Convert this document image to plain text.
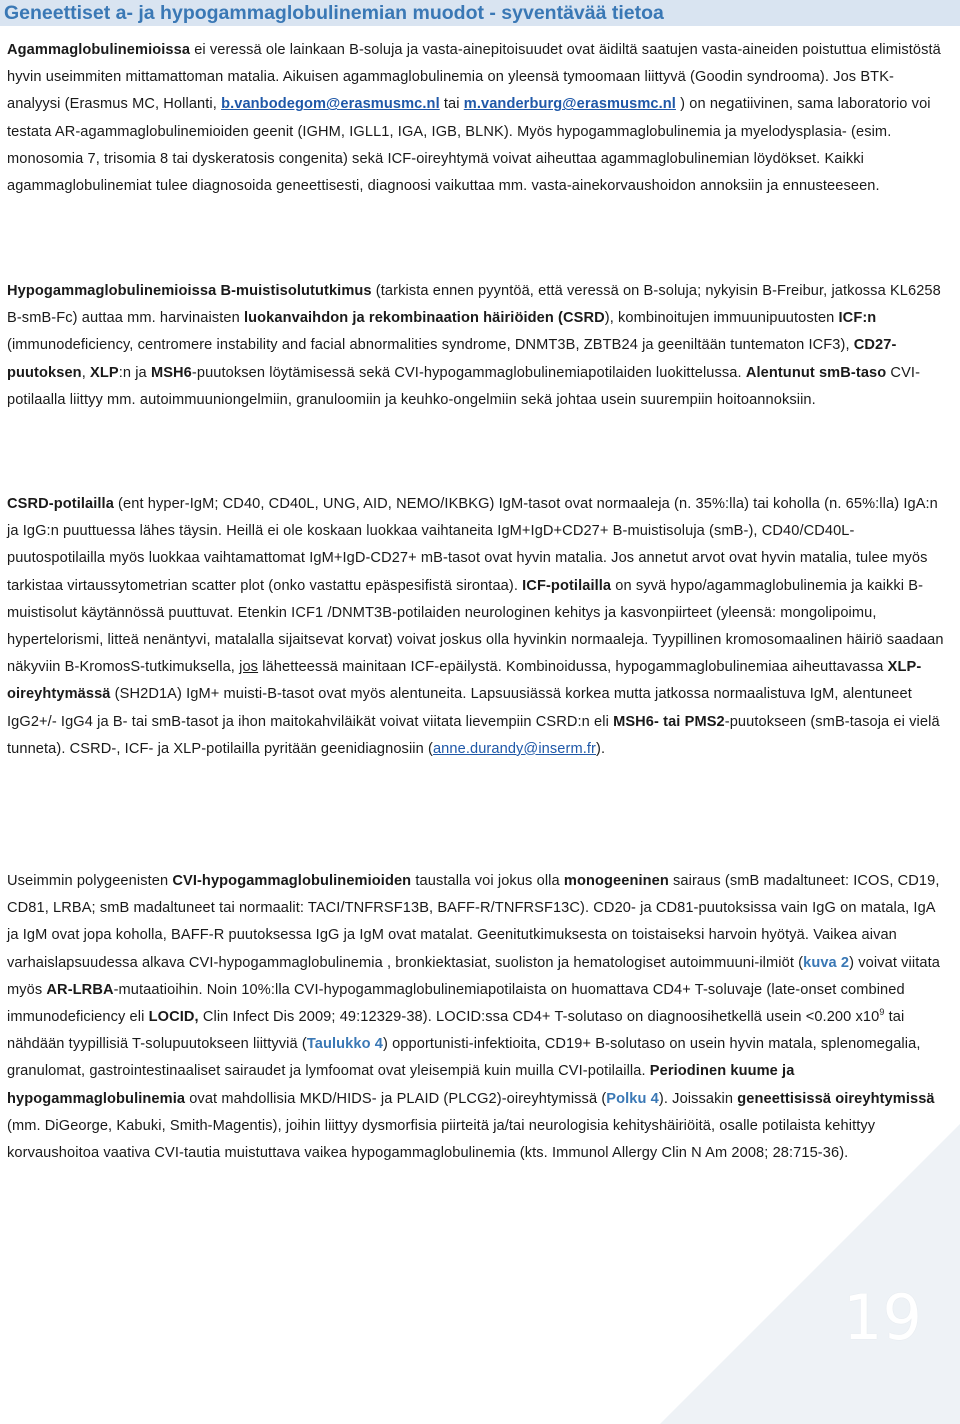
Geneettiset a- ja hypogammaglobulinemian muodot - syventävää tietoa

Agammaglobulinemioissa ei veressä ole lainkaan B-soluja ja vasta-ainepitoisuudet ovat äidiltä saatujen vasta-aineiden poistuttua elimistöstä hyvin useimmiten mittamattoman matalia. Aikuisen agammaglobulinemia on yleensä tymoomaan liittyvä (Goodin syndrooma). Jos BTK-analyysi (Erasmus MC, Hollanti, b.vanbodegom@erasmusmc.nl tai m.vanderburg@erasmusmc.nl ) on negatiivinen, sama laboratorio voi testata AR-agammaglobulinemioiden geenit (IGHM, IGLL1, IGA, IGB, BLNK). Myös hypogammaglobulinemia ja myelodysplasia- (esim. monosomia 7, trisomia 8 tai dyskeratosis congenita) sekä ICF-oireyhtymä voivat aiheuttaa agammaglobulinemian löydökset. Kaikki agammaglobulinemiat tulee diagnosoida geneettisesti, diagnoosi vaikuttaa mm. vasta-ainekorvaushoidon annoksiin ja ennusteeseen.

Hypogammaglobulinemioissa B-muistisolututkimus (tarkista ennen pyyntöä, että veressä on B-soluja; nykyisin B-Freibur, jatkossa KL6258 B-smB-Fc) auttaa mm. harvinaisten luokanvaihdon ja rekombinaation häiriöiden (CSRD), kombinoitujen immuunipuutosten ICF:n (immunodeficiency, centromere instability and facial abnormalities syndrome, DNMT3B, ZBTB24 ja geeniltään tuntematon ICF3), CD27-puutoksen, XLP:n ja MSH6-puutoksen löytämisessä sekä CVI-hypogammaglobulinemiapotilaiden luokittelussa. Alentunut smB-taso CVI-potilaalla liittyy mm. autoimmuuniongelmiin, granuloomiin ja keuhko-ongelmiin sekä johtaa usein suurempiin hoitoannoksiin.

CSRD-potilailla (ent hyper-IgM; CD40, CD40L, UNG, AID, NEMO/IKBKG) IgM-tasot ovat normaaleja (n. 35%:lla) tai koholla (n. 65%:lla) IgA:n ja IgG:n puuttuessa lähes täysin. Heillä ei ole koskaan luokkaa vaihtaneita IgM+IgD+CD27+ B-muistisoluja (smB-), CD40/CD40L-puutospotilailla myös luokkaa vaihtamattomat IgM+IgD-CD27+ mB-tasot ovat hyvin matalia. Jos annetut arvot ovat hyvin matalia, tulee myös tarkistaa virtaussytometrian scatter plot (onko vastattu epäspesifistä sirontaa). ICF-potilailla on syvä hypo/agammaglobulinemia ja kaikki B-muistisolut käytännössä puuttuvat. Etenkin ICF1 /DNMT3B-potilaiden neurologinen kehitys ja kasvonpiirteet (yleensä: mongolipoimu, hypertelorismi, litteä nenäntyvi, matalalla sijaitsevat korvat) voivat joskus olla hyvinkin normaaleja. Tyypillinen kromosomaalinen häiriö saadaan näkyviin B-KromosS-tutkimuksella, jos lähetteessä mainitaan ICF-epäilystä. Kombinoidussa, hypogammaglobulinemiaa aiheuttavassa XLP-oireyhtymässä (SH2D1A) IgM+ muisti-B-tasot ovat myös alentuneita. Lapsuusiässä korkea mutta jatkossa normaalistuva IgM, alentuneet IgG2+/- IgG4 ja B- tai smB-tasot ja ihon maitokahviläikät voivat viitata lievempiin CSRD:n eli MSH6- tai PMS2-puutokseen (smB-tasoja ei vielä tunneta). CSRD-, ICF- ja XLP-potilailla pyritään geenidiagnosiin (anne.durandy@inserm.fr).

Useimmin polygeenisten CVI-hypogammaglobulinemioiden taustalla voi jokus olla monogeeninen sairaus (smB madaltuneet: ICOS, CD19, CD81, LRBA; smB madaltuneet tai normaalit: TACI/TNFRSF13B, BAFF-R/TNFRSF13C). CD20- ja CD81-puutoksissa vain IgG on matala, IgA ja IgM ovat jopa koholla, BAFF-R puutoksessa IgG ja IgM ovat matalat. Geenitutkimuksesta on toistaiseksi harvoin hyötyä. Vaikea aivan varhaislapsuudessa alkava CVI-hypogammaglobulinemia , bronkiektasiat, suoliston ja hematologiset autoimmuuni-ilmiöt (kuva 2) voivat viitata myös AR-LRBA-mutaatioihin. Noin 10%:lla CVI-hypogammaglobulinemiapotilaista on huomattava CD4+ T-soluvaje (late-onset combined immunodeficiency eli LOCID, Clin Infect Dis 2009; 49:12329-38). LOCID:ssa CD4+ T-solutaso on diagnoosihetkellä usein <0.200 $x10^9$ tai nähdään tyypillisiä T-solupuutokseen liittyviä (Taulukko 4) opportunisti-infektioita, CD19+ B-solutaso on usein hyvin matala, splenomegalia, granulomat, gastrointestinaaliset sairaudet ja lymfoomat ovat yleisempiä kuin muilla CVI-potilailla. Periodinen kuume ja hypogammaglobulinemia ovat mahdollisia MKD/HIDS- ja PLAID (PLCG2)-oireyhtymissä (Polku 4). Joissakin geneettisissä oireyhtymissä (mm. DiGeorge, Kabuki, Smith-Magentis), joihin liittyy dysmorfisia piirteitä ja/tai neurologisia kehityshäiriöitä, osalle potilaista kehittyy korvaushoitoa vaativa CVI-tautia muistuttava vaikea hypogammaglobulinemia (kts. Immunol Allergy Clin N Am 2008; 28:715-36).

19
